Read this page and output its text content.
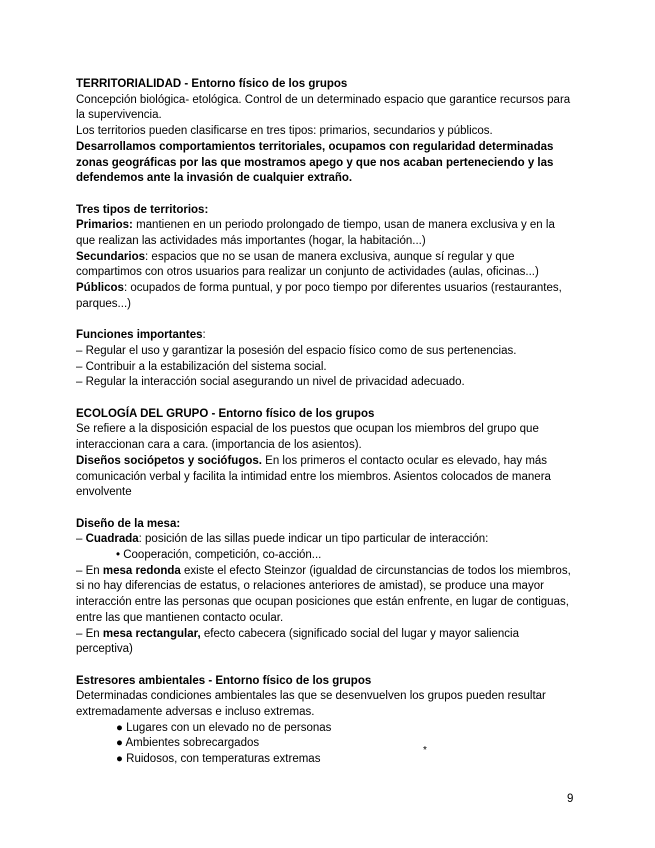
TERRITORIALIDAD - Entorno físico de los grupos

Concepción biológica- etológica. Control de un determinado espacio que garantice recursos para la supervivencia.

Los territorios pueden clasificarse en tres tipos: primarios, secundarios y públicos.

Desarrollamos comportamientos territoriales, ocupamos con regularidad determinadas zonas geográficas por las que mostramos apego y que nos acaban perteneciendo y las defendemos ante la invasión de cualquier extraño.

Tres tipos de territorios:

Primarios: mantienen en un periodo prolongado de tiempo, usan de manera exclusiva y en la que realizan las actividades más importantes (hogar, la habitación...)

Secundarios: espacios que no se usan de manera exclusiva, aunque sí regular y que compartimos con otros usuarios para realizar un conjunto de actividades (aulas, oficinas...)

Públicos: ocupados de forma puntual, y por poco tiempo por diferentes usuarios (restaurantes, parques...)

Funciones importantes:

– Regular el uso y garantizar la posesión del espacio físico como de sus pertenencias.

– Contribuir a la estabilización del sistema social.

– Regular la interacción social asegurando un nivel de privacidad adecuado.

ECOLOGÍA DEL GRUPO - Entorno físico de los grupos

Se refiere a la disposición espacial de los puestos que ocupan los miembros del grupo que interaccionan cara a cara. (importancia de los asientos).

Diseños sociópetos y sociófugos. En los primeros el contacto ocular es elevado, hay más comunicación verbal y facilita la intimidad entre los miembros. Asientos colocados de manera envolvente

Diseño de la mesa:

– Cuadrada: posición de las sillas puede indicar un tipo particular de interacción:

• Cooperación, competición, co-acción...

– En mesa redonda existe el efecto Steinzor (igualdad de circunstancias de todos los miembros, si no hay diferencias de estatus, o relaciones anteriores de amistad), se produce una mayor interacción entre las personas que ocupan posiciones que están enfrente, en lugar de contiguas, entre las que mantienen contacto ocular.

– En mesa rectangular, efecto cabecera (significado social del lugar y mayor saliencia perceptiva)

Estresores ambientales - Entorno físico de los grupos

Determinadas condiciones ambientales las que se desenvuelven los grupos pueden resultar extremadamente adversas e incluso extremas.

● Lugares con un elevado no de personas

● Ambientes sobrecargados

● Ruidosos, con temperaturas extremas

*
9
